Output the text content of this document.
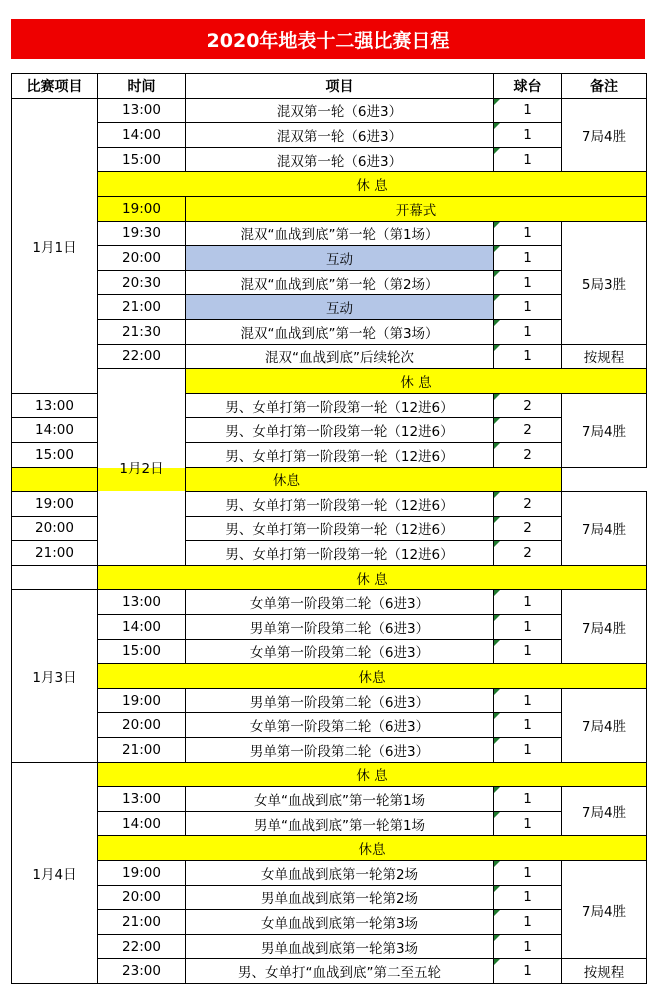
2020年地表十二强比赛日程
比赛项目	时间	项目	球台	备注
1月1日	13:00	混双第一轮（6进3）	1	7局4胜
	14:00	混双第一轮（6进3）	1	
	15:00	混双第一轮（6进3）	1	
	休 息			
	19:00	开幕式		
	19:30	混双“血战到底”第一轮（第1场）	1	5局3胜
	20:00	互动	1	
	20:30	混双“血战到底”第一轮（第2场）	1	
	21:00	互动	1	
	21:30	混双“血战到底”第一轮（第3场）	1	
	22:00	混双“血战到底”后续轮次	1	按规程
	1月2日	休 息		
13:00		男、女单打第一阶段第一轮（12进6）	2	7局4胜
14:00		男、女单打第一阶段第一轮（12进6）	2	
15:00		男、女单打第一阶段第一轮（12进6）	2	
休息				
19:00		男、女单打第一阶段第一轮（12进6）	2	7局4胜
20:00		男、女单打第一阶段第一轮（12进6）	2	
21:00		男、女单打第一阶段第一轮（12进6）	2	
	休 息			
1月3日	13:00	女单第一阶段第二轮（6进3）	1	7局4胜
	14:00	男单第一阶段第二轮（6进3）	1	
	15:00	女单第一阶段第二轮（6进3）	1	
	休息			
	19:00	男单第一阶段第二轮（6进3）	1	7局4胜
	20:00	女单第一阶段第二轮（6进3）	1	
	21:00	男单第一阶段第二轮（6进3）	1	
1月4日	休 息			
	13:00	女单“血战到底”第一轮第1场	1	7局4胜
	14:00	男单“血战到底”第一轮第1场	1	
	休息			
	19:00	女单血战到底第一轮第2场	1	7局4胜
	20:00	男单血战到底第一轮第2场	1	
	21:00	女单血战到底第一轮第3场	1	
	22:00	男单血战到底第一轮第3场	1	
	23:00	男、女单打“血战到底”第二至五轮	1	按规程
